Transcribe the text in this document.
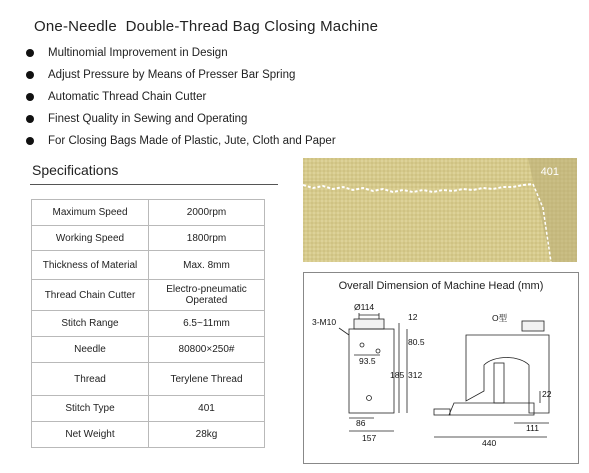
One-Needle  Double-Thread Bag Closing Machine
Multinomial Improvement in Design
Adjust Pressure by Means of Presser Bar Spring
Automatic Thread Chain Cutter
Finest Quality in Sewing and Operating
For Closing Bags Made of Plastic, Jute, Cloth and Paper
Specifications
Maximum Speed	2000rpm
Working Speed	1800rpm
Thickness of Material	Max. 8mm
Thread Chain Cutter	Electro-pneumatic Operated
Stitch Range	6.5~11mm
Needle	80800×250#
Thread	Terylene Thread
Stitch Type	401
Net Weight	28kg
401
Overall Dimension of Machine Head (mm)
Ø114
3-M10
93.5
12
80.5
185 312
86
157
22
440
111
O型
